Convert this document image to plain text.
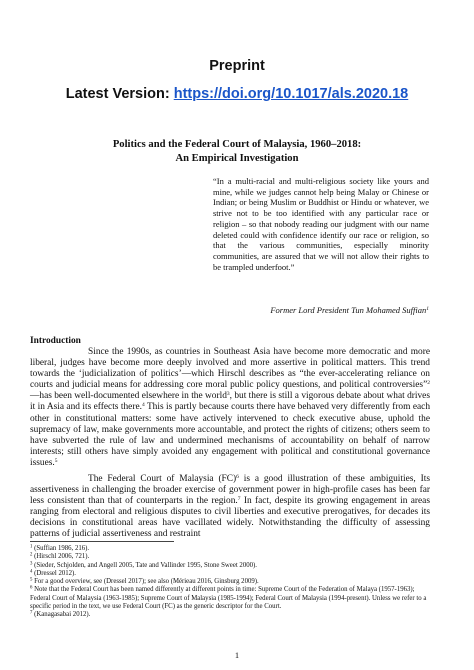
Preprint
Latest Version: https://doi.org/10.1017/als.2020.18
Politics and the Federal Court of Malaysia, 1960–2018:
An Empirical Investigation
“In a multi-racial and multi-religious society like yours and mine, while we judges cannot help being Malay or Chinese or Indian; or being Muslim or Buddhist or Hindu or whatever, we strive not to be too identified with any particular race or religion – so that nobody reading our judgment with our name deleted could with confidence identify our race or religion, so that the various communities, especially minority communities, are assured that we will not allow their rights to be trampled underfoot.”
Former Lord President Tun Mohamed Suffian$^1$
Introduction

Since the 1990s, as countries in Southeast Asia have become more democratic and more liberal, judges have become more deeply involved and more assertive in political matters. This trend towards the ‘judicialization of politics’—which Hirschl describes as “the ever-accelerating reliance on courts and judicial means for addressing core moral public policy questions, and political controversies”$^2$ —has been well-documented elsewhere in the world$^3$, but there is still a vigorous debate about what drives it in Asia and its effects there.$^4$ This is partly because courts there have behaved very differently from each other in constitutional matters: some have actively intervened to check executive abuse, uphold the supremacy of law, make governments more accountable, and protect the rights of citizens; others seem to have subverted the rule of law and undermined mechanisms of accountability on behalf of narrow interests; still others have simply avoided any engagement with political and constitutional governance issues.$^5$

The Federal Court of Malaysia (FC)$^6$ is a good illustration of these ambiguities, Its assertiveness in challenging the broader exercise of government power in high-profile cases has been far less consistent than that of counterparts in the region.$^7$ In fact, despite its growing engagement in areas ranging from electoral and religious disputes to civil liberties and executive prerogatives, for decades its decisions in constitutional areas have vacillated widely. Notwithstanding the difficulty of assessing patterns of judicial assertiveness and restraint

$^1$ (Suffian 1986, 216).

$^2$ (Hirschl 2006, 721).

$^3$ (Sieder, Schjolden, and Angell 2005, Tate and Vallinder 1995, Stone Sweet 2000).

$^4$ (Dressel 2012).

$^5$ For a good overview, see (Dressel 2017); see also (Mérieau 2016, Ginsburg 2009).

$^6$ Note that the Federal Court has been named differently at different points in time: Supreme Court of the Federation of Malaya (1957-1963); Federal Court of Malaysia (1963-1985); Supreme Court of Malaysia (1985-1994); Federal Court of Malaysia (1994-present). Unless we refer to a specific period in the text, we use Federal Court (FC) as the generic descriptor for the Court.

$^7$ (Kanagasabai 2012).

1
